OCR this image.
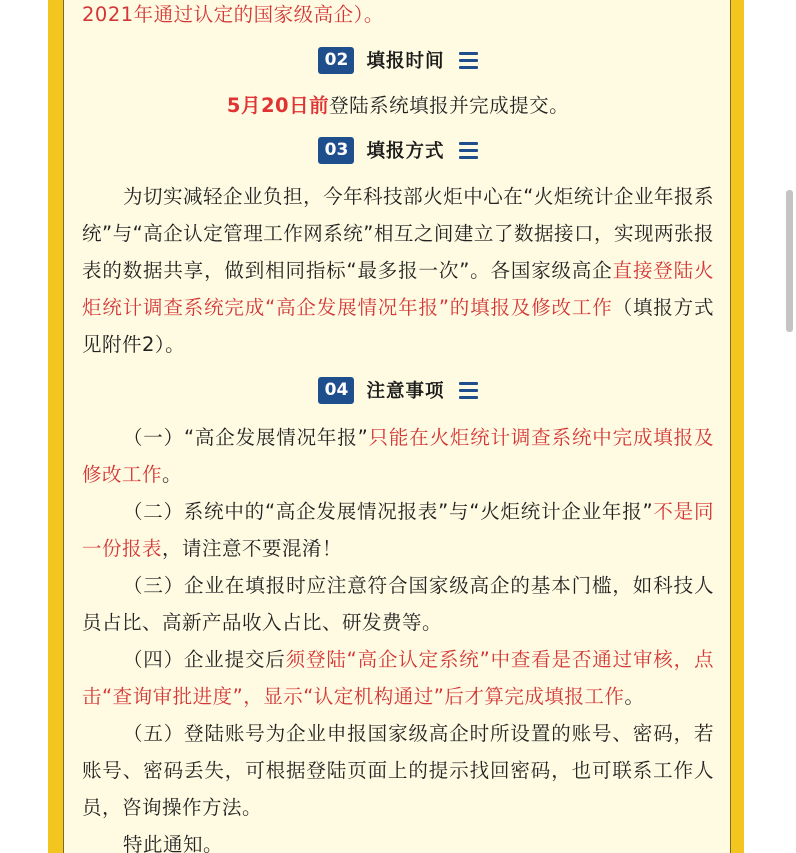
2021年通过认定的国家级高企）。

02 填报时间

5月20日前登陆系统填报并完成提交。

03 填报方式

为切实减轻企业负担，今年科技部火炬中心在“火炬统计企业年报系统”与“高企认定管理工作网系统”相互之间建立了数据接口，实现两张报表的数据共享，做到相同指标“最多报一次”。各国家级高企直接登陆火炬统计调查系统完成“高企发展情况年报”的填报及修改工作（填报方式见附件2）。

04 注意事项

（一）“高企发展情况年报”只能在火炬统计调查系统中完成填报及修改工作。

（二）系统中的“高企发展情况报表”与“火炬统计企业年报”不是同一份报表，请注意不要混淆！

（三）企业在填报时应注意符合国家级高企的基本门槛，如科技人员占比、高新产品收入占比、研发费等。

（四）企业提交后须登陆“高企认定系统”中查看是否通过审核，点击“查询审批进度”，显示“认定机构通过”后才算完成填报工作。

（五）登陆账号为企业申报国家级高企时所设置的账号、密码，若账号、密码丢失，可根据登陆页面上的提示找回密码，也可联系工作人员，咨询操作方法。

特此通知。
